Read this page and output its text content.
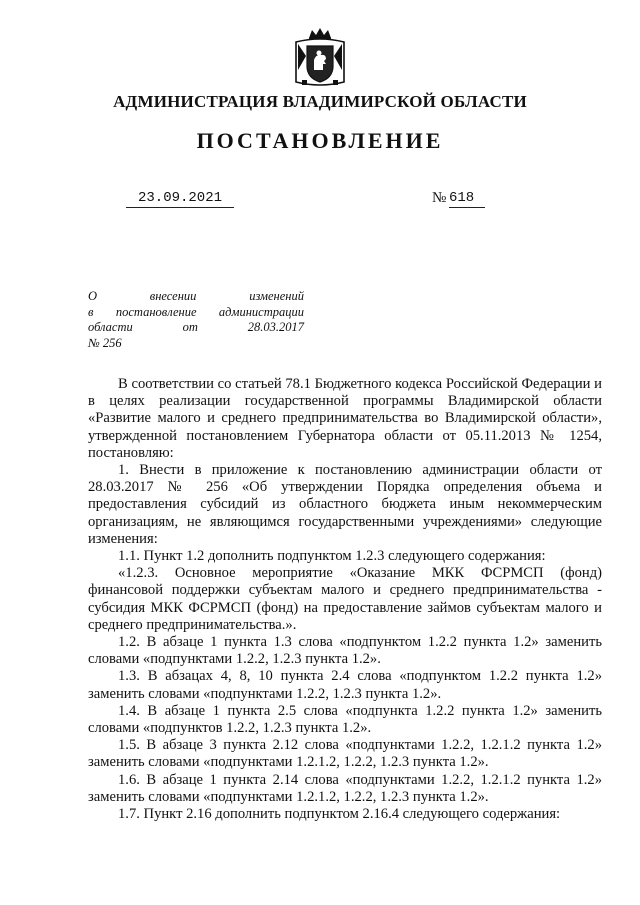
АДМИНИСТРАЦИЯ ВЛАДИМИРСКОЙ ОБЛАСТИ
ПОСТАНОВЛЕНИЕ
23.09.2021	№ 618
О внесении изменений
в постановление администрации
области от 28.03.2017
№ 256

В соответствии со статьей 78.1 Бюджетного кодекса Российской Федерации и в целях реализации государственной программы Владимирской области «Развитие малого и среднего предпринимательства во Владимирской области», утвержденной постановлением Губернатора области от 05.11.2013 № 1254, постановляю:

1. Внести в приложение к постановлению администрации области от 28.03.2017 № 256 «Об утверждении Порядка определения объема и предоставления субсидий из областного бюджета иным некоммерческим организациям, не являющимся государственными учреждениями» следующие изменения:

1.1. Пункт 1.2 дополнить подпунктом 1.2.3 следующего содержания:

«1.2.3. Основное мероприятие «Оказание МКК ФСРМСП (фонд) финансовой поддержки субъектам малого и среднего предпринимательства - субсидия МКК ФСРМСП (фонд) на предоставление займов субъектам малого и среднего предпринимательства.».

1.2. В абзаце 1 пункта 1.3 слова «подпунктом 1.2.2 пункта 1.2» заменить словами «подпунктами 1.2.2, 1.2.3 пункта 1.2».

1.3. В абзацах 4, 8, 10 пункта 2.4 слова «подпунктом 1.2.2 пункта 1.2» заменить словами «подпунктами 1.2.2, 1.2.3 пункта 1.2».

1.4. В абзаце 1 пункта 2.5 слова «подпункта 1.2.2 пункта 1.2» заменить словами «подпунктов 1.2.2, 1.2.3 пункта 1.2».

1.5. В абзаце 3 пункта 2.12 слова «подпунктами 1.2.2, 1.2.1.2 пункта 1.2» заменить словами «подпунктами 1.2.1.2, 1.2.2, 1.2.3 пункта 1.2».

1.6. В абзаце 1 пункта 2.14 слова «подпунктами 1.2.2, 1.2.1.2 пункта 1.2» заменить словами «подпунктами 1.2.1.2, 1.2.2, 1.2.3 пункта 1.2».

1.7. Пункт 2.16 дополнить подпунктом 2.16.4 следующего содержания:
